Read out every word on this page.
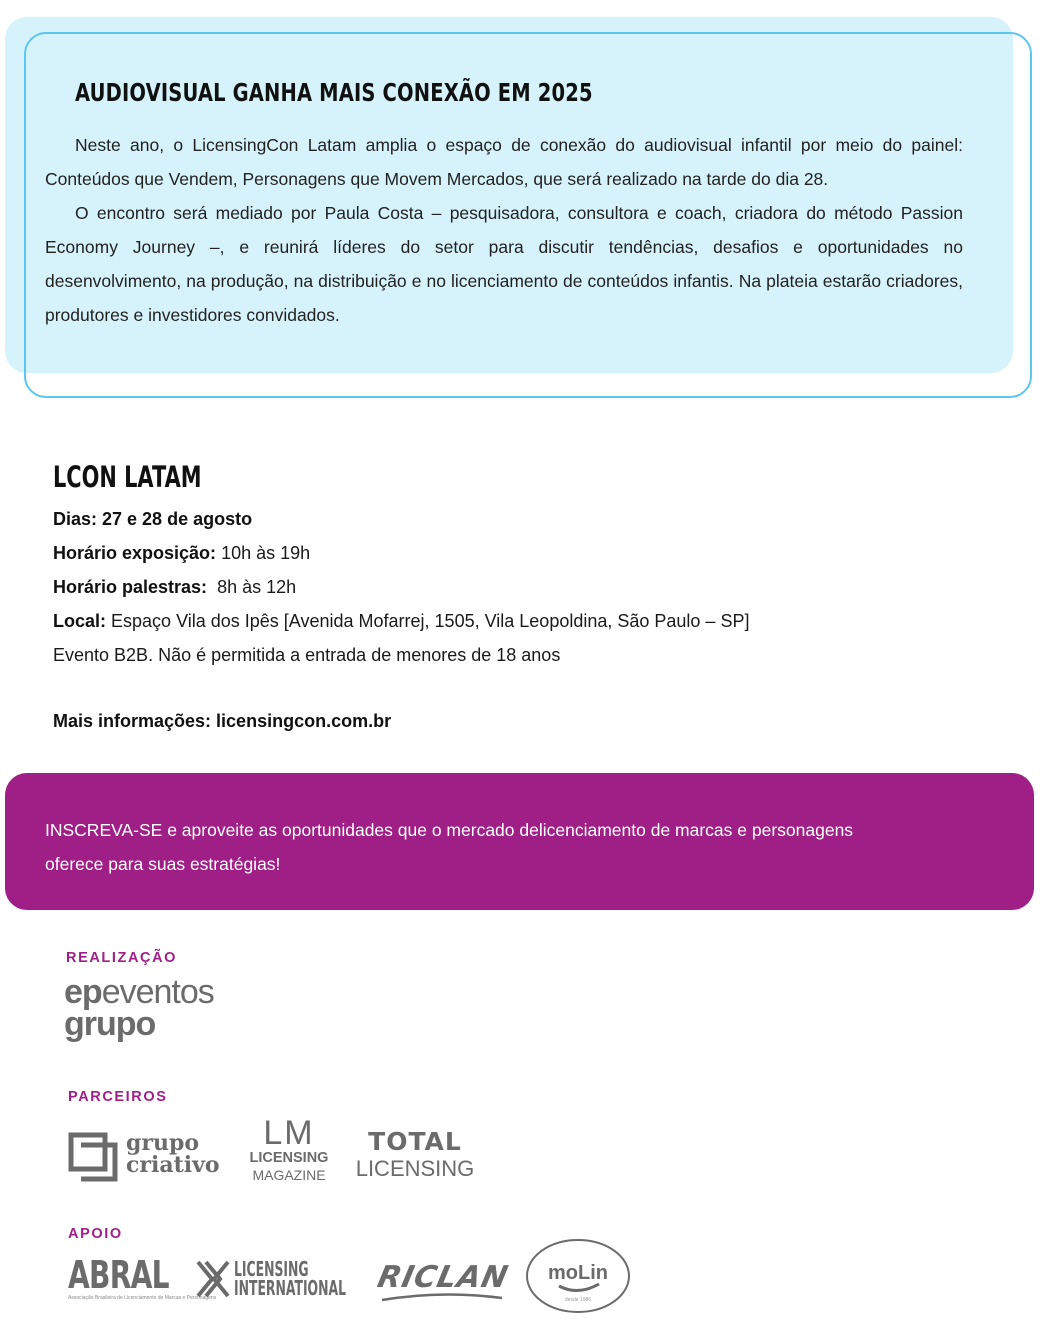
AUDIOVISUAL GANHA MAIS CONEXÃO EM 2025

Neste ano, o LicensingCon Latam amplia o espaço de conexão do audiovisual infantil por meio do painel: Conteúdos que Vendem, Personagens que Movem Mercados, que será realizado na tarde do dia 28.

O encontro será mediado por Paula Costa – pesquisadora, consultora e coach, criadora do método Passion Economy Journey –, e reunirá líderes do setor para discutir tendências, desafios e oportunidades no desenvolvimento, na produção, na distribuição e no licenciamento de conteúdos infantis. Na plateia estarão criadores, produtores e investidores convidados.

LCON LATAM
Dias: 27 e 28 de agosto
Horário exposição: 10h às 19h
Horário palestras: 8h às 12h
Local: Espaço Vila dos Ipês [Avenida Mofarrej, 1505, Vila Leopoldina, São Paulo – SP]
Evento B2B. Não é permitida a entrada de menores de 18 anos
Mais informações: licensingcon.com.br
INSCREVA-SE e aproveite as oportunidades que o mercado delicenciamento de marcas e personagens oferece para suas estratégias!
REALIZAÇÃO
PARCEIROS
APOIO
epeventos
grupo
grupo
criativo
LM
LICENSING
MAGAZINE
TOTAL
LICENSING
ABRAL
Associação Brasileira de Licenciamento de Marcas e Personagens
LICENSING
INTERNATIONAL RICLAN	moLin
desde 1986
